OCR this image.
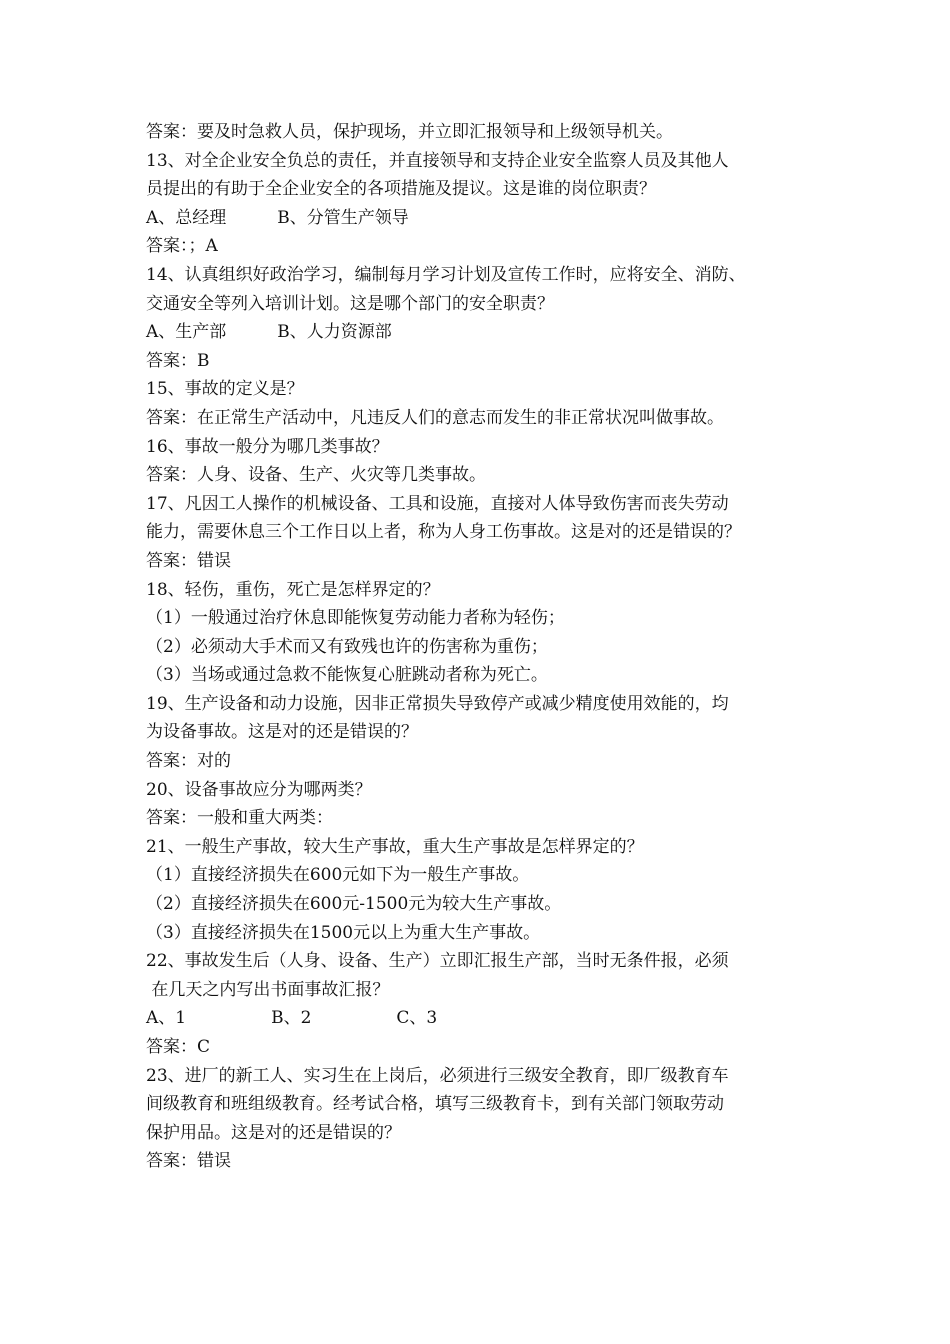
答案：要及时急救人员，保护现场，并立即汇报领导和上级领导机关。
13、对全企业安全负总的责任，并直接领导和支持企业安全监察人员及其他人
员提出的有助于全企业安全的各项措施及提议。这是谁的岗位职责？
A、总经理　　　B、分管生产领导
答案：；A
14、认真组织好政治学习，编制每月学习计划及宣传工作时，应将安全、消防、
交通安全等列入培训计划。这是哪个部门的安全职责？
A、生产部　　　B、人力资源部
答案：B
15、事故的定义是？
答案：在正常生产活动中，凡违反人们的意志而发生的非正常状况叫做事故。
16、事故一般分为哪几类事故？
答案：人身、设备、生产、火灾等几类事故。
17、凡因工人操作的机械设备、工具和设施，直接对人体导致伤害而丧失劳动
能力，需要休息三个工作日以上者，称为人身工伤事故。这是对的还是错误的？
答案：错误
18、轻伤，重伤，死亡是怎样界定的？
（1）一般通过治疗休息即能恢复劳动能力者称为轻伤；
（2）必须动大手术而又有致残也许的伤害称为重伤；
（3）当场或通过急救不能恢复心脏跳动者称为死亡。
19、生产设备和动力设施，因非正常损失导致停产或减少精度使用效能的，均
为设备事故。这是对的还是错误的？
答案：对的
20、设备事故应分为哪两类？
答案：一般和重大两类：
21、一般生产事故，较大生产事故，重大生产事故是怎样界定的？
（1）直接经济损失在600元如下为一般生产事故。
（2）直接经济损失在600元-1500元为较大生产事故。
（3）直接经济损失在1500元以上为重大生产事故。
22、事故发生后（人身、设备、生产）立即汇报生产部，当时无条件报，必须
在几天之内写出书面事故汇报？
A、1　　　　　B、2　　　　　C、3
答案：C
23、进厂的新工人、实习生在上岗后，必须进行三级安全教育，即厂级教育车
间级教育和班组级教育。经考试合格，填写三级教育卡，到有关部门领取劳动
保护用品。这是对的还是错误的？
答案：错误
